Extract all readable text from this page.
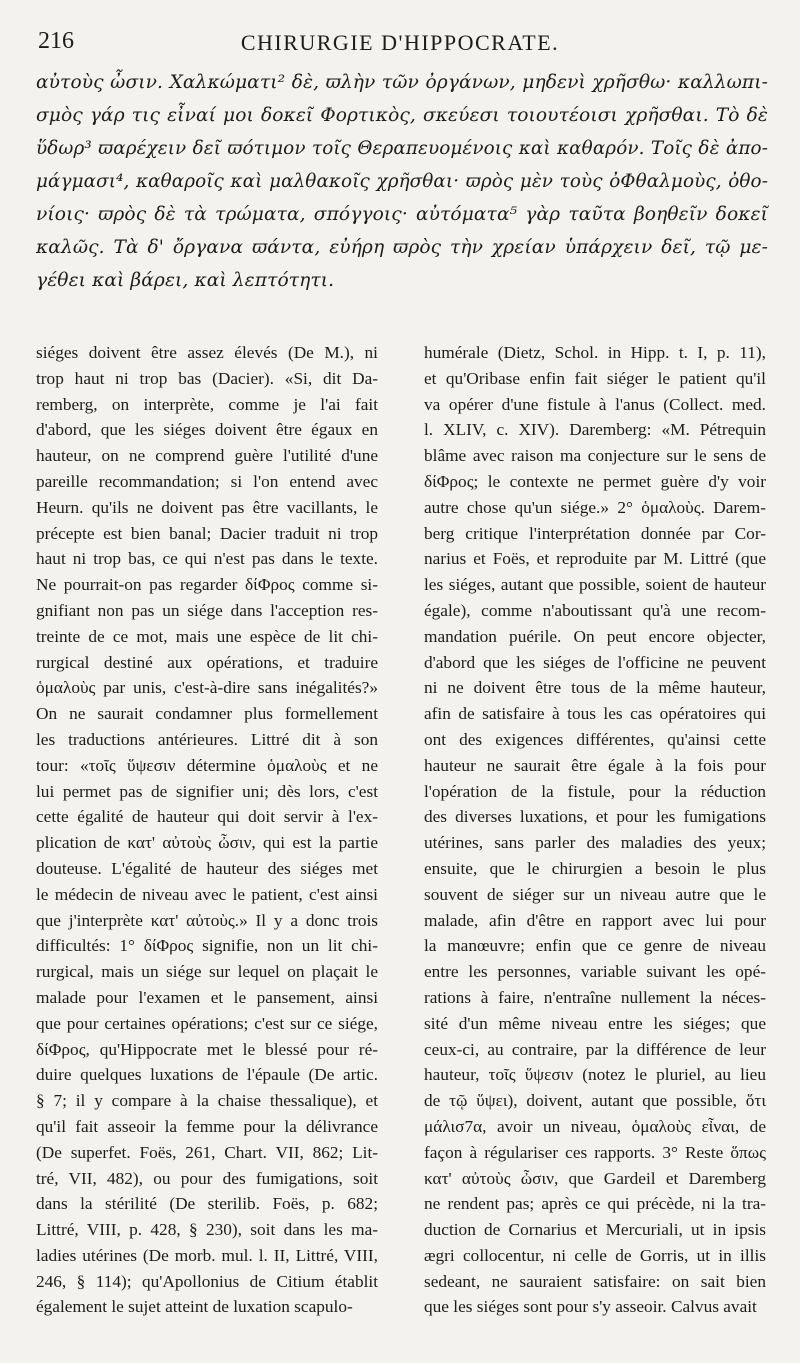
216	CHIRURGIE D'HIPPOCRATE.
αὐτοὺς ὦσιν. Χαλκώματι² δὲ, ϖλὴν τῶν ὀργάνων, μηδενὶ χρῆσθω· καλλωπι-
σμὸς γάρ τις εἶναί μοι δοκεῖ Φορτικὸς, σκεύεσι τοιουτέοισι χρῆσθαι. Τὸ δὲ
ὕδωρ³ ϖαρέχειν δεῖ ϖότιμον τοῖς Θεραπευομένοις καὶ καθαρόν. Τοῖς δὲ ἀπο-
μάγμασι⁴, καθαροῖς καὶ μαλθακοῖς χρῆσθαι· ϖρὸς μὲν τοὺς ὀΦθαλμοὺς, ὀθο-
νίοις· ϖρὸς δὲ τὰ τρώματα, σπόγγοις· αὐτόματα⁵ γὰρ ταῦτα βοηθεῖν δοκεῖ
καλῶς. Τὰ δ' ὄργανα ϖάντα, εὐήρη ϖρὸς τὴν χρείαν ὑπάρχειν δεῖ, τῷ με-
γέθει καὶ βάρει, καὶ λεπτότητι.
siéges doivent être assez élevés (De M.), ni
trop haut ni trop bas (Dacier). «Si, dit Da-
remberg, on interprète, comme je l'ai fait
d'abord, que les siéges doivent être égaux en
hauteur, on ne comprend guère l'utilité d'une
pareille recommandation; si l'on entend avec
Heurn. qu'ils ne doivent pas être vacillants, le
précepte est bien banal; Dacier traduit ni trop
haut ni trop bas, ce qui n'est pas dans le texte.
Ne pourrait-on pas regarder δίΦρος comme si-
gnifiant non pas un siége dans l'acception res-
treinte de ce mot, mais une espèce de lit chi-
rurgical destiné aux opérations, et traduire
ὁμαλοὺς par unis, c'est-à-dire sans inégalités?»
On ne saurait condamner plus formellement
les traductions antérieures. Littré dit à son
tour: «τοῖς ὕψεσιν détermine ὁμαλοὺς et ne
lui permet pas de signifier uni; dès lors, c'est
cette égalité de hauteur qui doit servir à l'ex-
plication de κατ' αὐτοὺς ὦσιν, qui est la partie
douteuse. L'égalité de hauteur des siéges met
le médecin de niveau avec le patient, c'est ainsi
que j'interprète κατ' αὐτοὺς.» Il y a donc trois
difficultés: 1° δίΦρος signifie, non un lit chi-
rurgical, mais un siége sur lequel on plaçait le
malade pour l'examen et le pansement, ainsi
que pour certaines opérations; c'est sur ce siége,
δίΦρος, qu'Hippocrate met le blessé pour ré-
duire quelques luxations de l'épaule (De artic.
§ 7; il y compare à la chaise thessalique), et
qu'il fait asseoir la femme pour la délivrance
(De superfet. Foës, 261, Chart. VII, 862; Lit-
tré, VII, 482), ou pour des fumigations, soit
dans la stérilité (De sterilib. Foës, p. 682;
Littré, VIII, p. 428, § 230), soit dans les ma-
ladies utérines (De morb. mul. l. II, Littré, VIII,
246, § 114); qu'Apollonius de Citium établit
également le sujet atteint de luxation scapulo-
humérale (Dietz, Schol. in Hipp. t. I, p. 11),
et qu'Oribase enfin fait siéger le patient qu'il
va opérer d'une fistule à l'anus (Collect. med.
l. XLIV, c. XIV). Daremberg: «M. Pétrequin
blâme avec raison ma conjecture sur le sens de
δίΦρος; le contexte ne permet guère d'y voir
autre chose qu'un siége.» 2° ὁμαλοὺς. Darem-
berg critique l'interprétation donnée par Cor-
narius et Foës, et reproduite par M. Littré (que
les siéges, autant que possible, soient de hauteur
égale), comme n'aboutissant qu'à une recom-
mandation puérile. On peut encore objecter,
d'abord que les siéges de l'officine ne peuvent
ni ne doivent être tous de la même hauteur,
afin de satisfaire à tous les cas opératoires qui
ont des exigences différentes, qu'ainsi cette
hauteur ne saurait être égale à la fois pour
l'opération de la fistule, pour la réduction
des diverses luxations, et pour les fumigations
utérines, sans parler des maladies des yeux;
ensuite, que le chirurgien a besoin le plus
souvent de siéger sur un niveau autre que le
malade, afin d'être en rapport avec lui pour
la manœuvre; enfin que ce genre de niveau
entre les personnes, variable suivant les opé-
rations à faire, n'entraîne nullement la néces-
sité d'un même niveau entre les siéges; que
ceux-ci, au contraire, par la différence de leur
hauteur, τοῖς ὕψεσιν (notez le pluriel, au lieu
de τῷ ὕψει), doivent, autant que possible, ὅτι
μάλισ7α, avoir un niveau, ὁμαλοὺς εἶναι, de
façon à régulariser ces rapports. 3° Reste ὅπως
κατ' αὐτοὺς ὦσιν, que Gardeil et Daremberg
ne rendent pas; après ce qui précède, ni la tra-
duction de Cornarius et Mercuriali, ut in ipsis
ægri collocentur, ni celle de Gorris, ut in illis
sedeant, ne sauraient satisfaire: on sait bien
que les siéges sont pour s'y asseoir. Calvus avait
